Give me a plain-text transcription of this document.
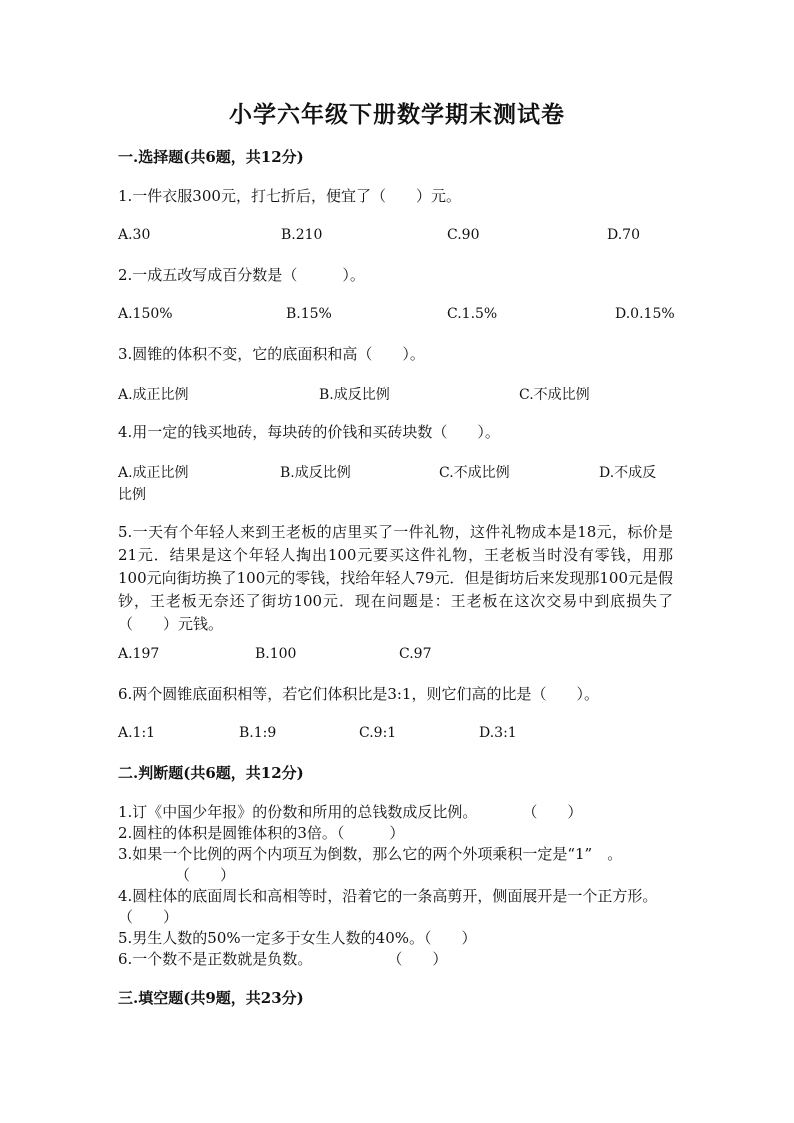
小学六年级下册数学期末测试卷
一.选择题(共6题，共12分)
1.一件衣服300元，打七折后，便宜了（　　）元。
A.30	B.210	C.90	D.70
2.一成五改写成百分数是（　　　）。
A.150%	B.15%	C.1.5%	D.0.15%
3.圆锥的体积不变，它的底面积和高（　　）。
A.成正比例	B.成反比例	C.不成比例
4.用一定的钱买地砖，每块砖的价钱和买砖块数（　　）。
A.成正比例	B.成反比例	C.不成比例	D.不成反
比例
5.一天有个年轻人来到王老板的店里买了一件礼物，这件礼物成本是18元，标价是21元．结果是这个年轻人掏出100元要买这件礼物，王老板当时没有零钱，用那100元向街坊换了100元的零钱，找给年轻人79元．但是街坊后来发现那100元是假钞，王老板无奈还了街坊100元．现在问题是：王老板在这次交易中到底损失了（　　）元钱。
A.197	B.100	C.97
6.两个圆锥底面积相等，若它们体积比是3:1，则它们高的比是（　　）。
A.1:1	B.1:9	C.9:1	D.3:1
二.判断题(共6题，共12分)
1.订《中国少年报》的份数和所用的总钱数成反比例。　　　　（　　）
2.圆柱的体积是圆锥体积的3倍。（　　　）
3.如果一个比例的两个内项互为倒数，那么它的两个外项乘积一定是“1”　。
（　　）
4.圆柱体的底面周长和高相等时，沿着它的一条高剪开，侧面展开是一个正方形。（　　）
5.男生人数的50%一定多于女生人数的40%。（　　）
6.一个数不是正数就是负数。　　　　　　（　　）
三.填空题(共9题，共23分)
